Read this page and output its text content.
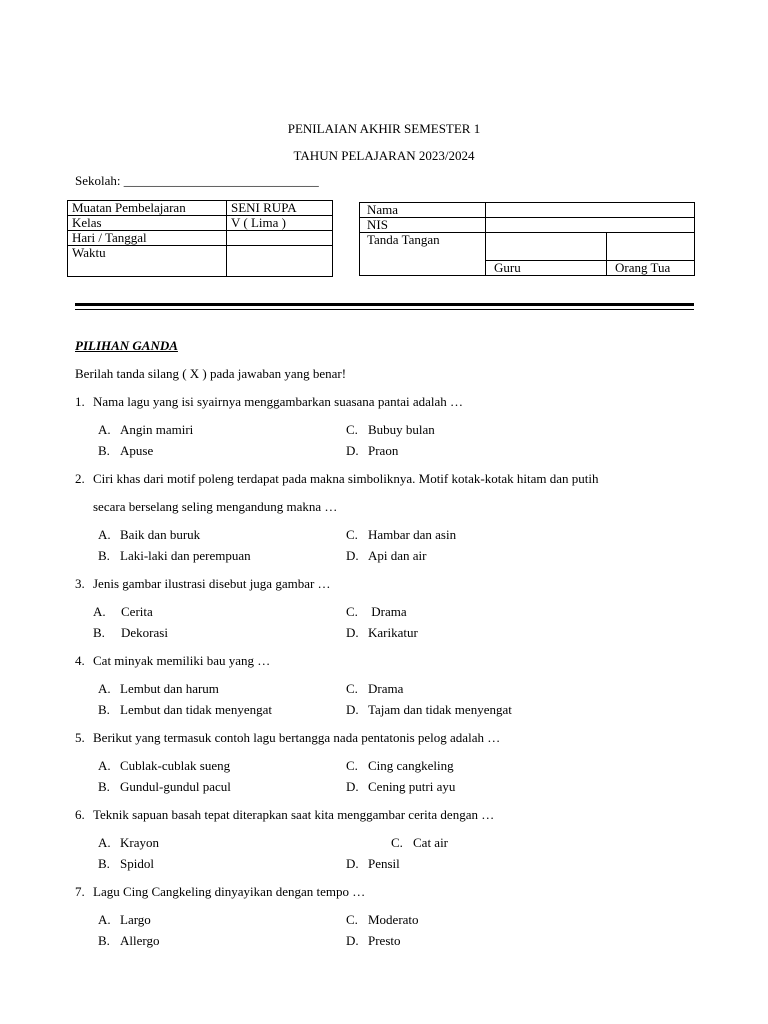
PENILAIAN AKHIR SEMESTER 1
TAHUN PELAJARAN 2023/2024
Sekolah: ______________________________
Muatan Pembelajaran	SENI RUPA
Kelas	V ( Lima )
Hari / Tanggal	
Waktu	
Nama		
NIS		
Tanda Tangan		
	Guru	Orang Tua
PILIHAN GANDA
Berilah tanda silang ( X ) pada jawaban yang benar!
1. Nama lagu yang isi syairnya menggambarkan suasana pantai adalah …
A. Angin mamiri	C. Bubuy bulan
B. Apuse	D. Praon
2. Ciri khas dari motif poleng terdapat pada makna simboliknya. Motif kotak-kotak hitam dan putih
secara berselang seling mengandung makna …
A. Baik dan buruk	C. Hambar dan asin
B. Laki-laki dan perempuan	D. Api dan air
3. Jenis gambar ilustrasi disebut juga gambar …
A. Cerita	C. Drama
B. Dekorasi	D. Karikatur
4. Cat minyak memiliki bau yang …
A. Lembut dan harum	C. Drama
B. Lembut dan tidak menyengat	D. Tajam dan tidak menyengat
5. Berikut yang termasuk contoh lagu bertangga nada pentatonis pelog adalah …
A. Cublak-cublak sueng	C. Cing cangkeling
B. Gundul-gundul pacul	D. Cening putri ayu
6. Teknik sapuan basah tepat diterapkan saat kita menggambar cerita dengan …
A. Krayon	C. Cat air
B. Spidol	D. Pensil
7. Lagu Cing Cangkeling dinyayikan dengan tempo …
A. Largo	C. Moderato
B. Allergo	D. Presto
